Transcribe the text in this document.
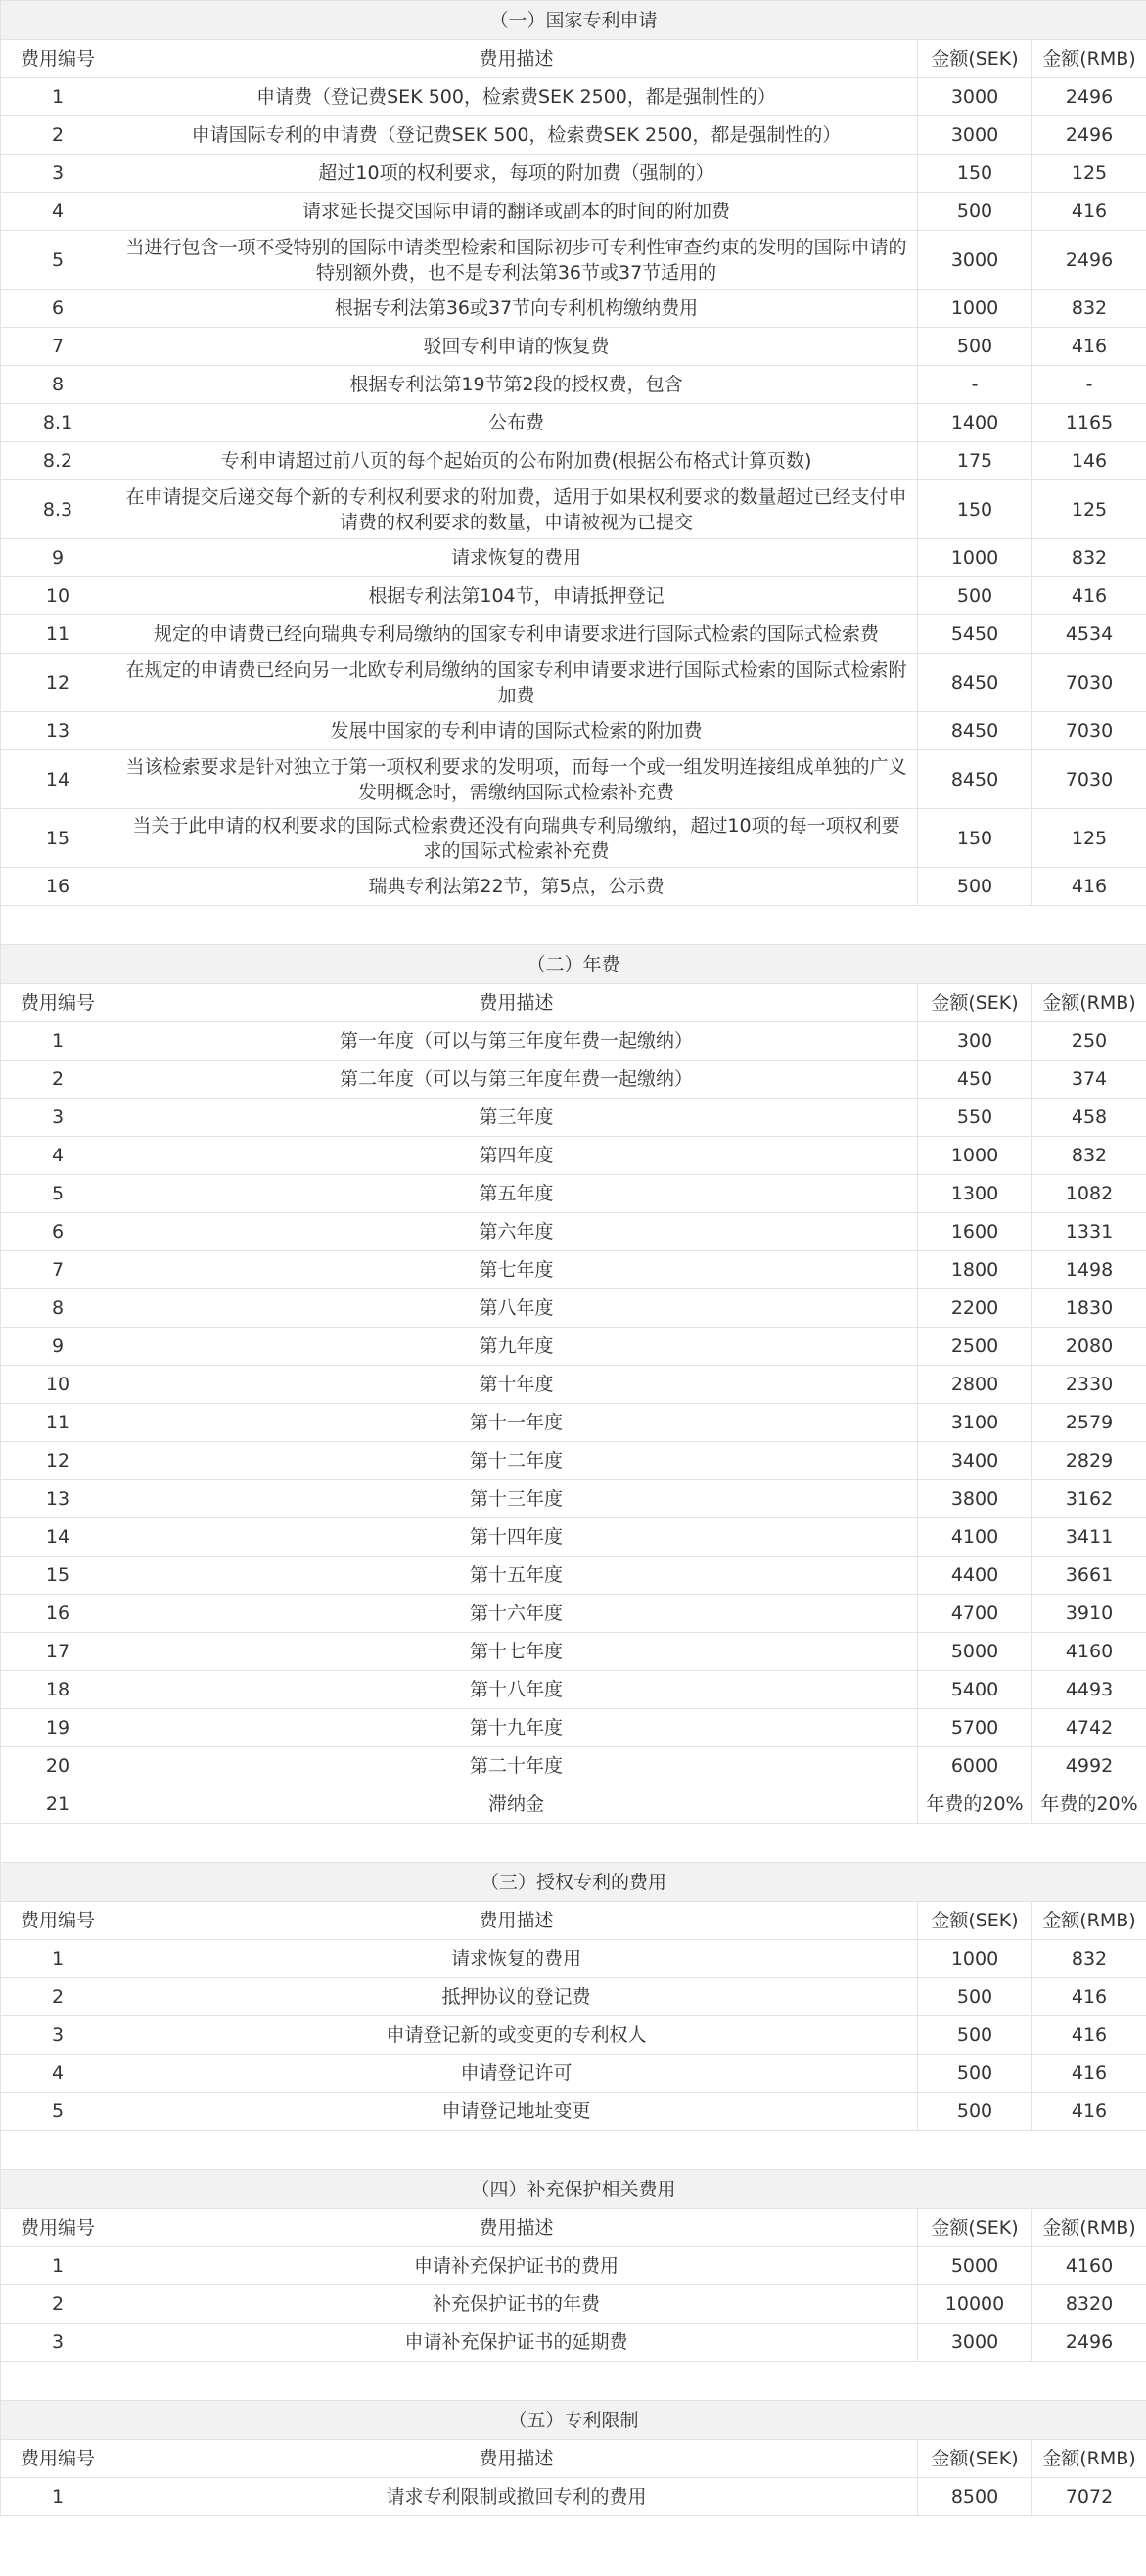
（一）国家专利申请			
费用编号	费用描述	金额(SEK)	金额(RMB)
1	申请费（登记费SEK 500，检索费SEK 2500，都是强制性的）	3000	2496
2	申请国际专利的申请费（登记费SEK 500，检索费SEK 2500，都是强制性的）	3000	2496
3	超过10项的权利要求，每项的附加费（强制的）	150	125
4	请求延长提交国际申请的翻译或副本的时间的附加费	500	416
5	当进行包含一项不受特别的国际申请类型检索和国际初步可专利性审查约束的发明的国际申请的特别额外费，也不是专利法第36节或37节适用的	3000	2496
6	根据专利法第36或37节向专利机构缴纳费用	1000	832
7	驳回专利申请的恢复费	500	416
8	根据专利法第19节第2段的授权费，包含	-	-
8.1	公布费	1400	1165
8.2	专利申请超过前八页的每个起始页的公布附加费(根据公布格式计算页数)	175	146
8.3	在申请提交后递交每个新的专利权利要求的附加费，适用于如果权利要求的数量超过已经支付申请费的权利要求的数量，申请被视为已提交	150	125
9	请求恢复的费用	1000	832
10	根据专利法第104节，申请抵押登记	500	416
11	规定的申请费已经向瑞典专利局缴纳的国家专利申请要求进行国际式检索的国际式检索费	5450	4534
12	在规定的申请费已经向另一北欧专利局缴纳的国家专利申请要求进行国际式检索的国际式检索附加费	8450	7030
13	发展中国家的专利申请的国际式检索的附加费	8450	7030
14	当该检索要求是针对独立于第一项权利要求的发明项，而每一个或一组发明连接组成单独的广义发明概念时，需缴纳国际式检索补充费	8450	7030
15	当关于此申请的权利要求的国际式检索费还没有向瑞典专利局缴纳，超过10项的每一项权利要求的国际式检索补充费	150	125
16	瑞典专利法第22节，第5点，公示费	500	416

（二）年费			
费用编号	费用描述	金额(SEK)	金额(RMB)
1	第一年度（可以与第三年度年费一起缴纳）	300	250
2	第二年度（可以与第三年度年费一起缴纳）	450	374
3	第三年度	550	458
4	第四年度	1000	832
5	第五年度	1300	1082
6	第六年度	1600	1331
7	第七年度	1800	1498
8	第八年度	2200	1830
9	第九年度	2500	2080
10	第十年度	2800	2330
11	第十一年度	3100	2579
12	第十二年度	3400	2829
13	第十三年度	3800	3162
14	第十四年度	4100	3411
15	第十五年度	4400	3661
16	第十六年度	4700	3910
17	第十七年度	5000	4160
18	第十八年度	5400	4493
19	第十九年度	5700	4742
20	第二十年度	6000	4992
21	滞纳金	年费的20%	年费的20%

（三）授权专利的费用			
费用编号	费用描述	金额(SEK)	金额(RMB)
1	请求恢复的费用	1000	832
2	抵押协议的登记费	500	416
3	申请登记新的或变更的专利权人	500	416
4	申请登记许可	500	416
5	申请登记地址变更	500	416

（四）补充保护相关费用			
费用编号	费用描述	金额(SEK)	金额(RMB)
1	申请补充保护证书的费用	5000	4160
2	补充保护证书的年费	10000	8320
3	申请补充保护证书的延期费	3000	2496

（五）专利限制			
费用编号	费用描述	金额(SEK)	金额(RMB)
1	请求专利限制或撤回专利的费用	8500	7072
